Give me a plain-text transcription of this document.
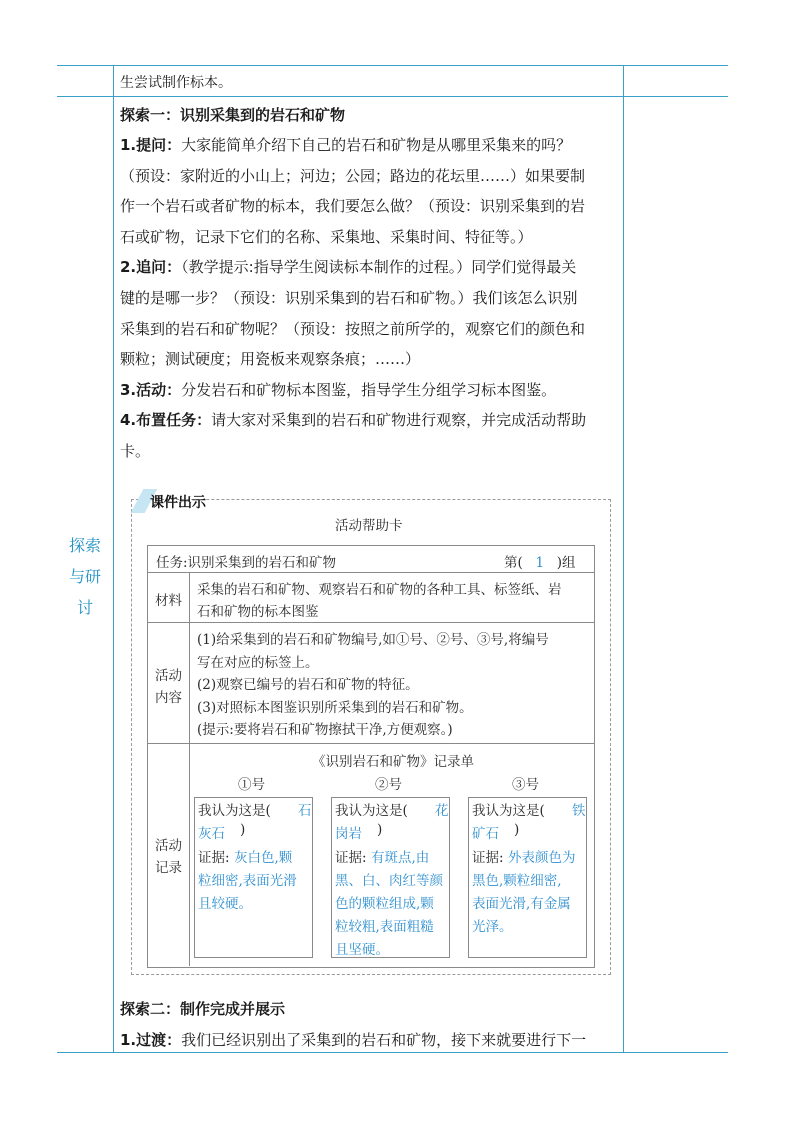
生尝试制作标本。
探索
与研
讨
探索一：识别采集到的岩石和矿物
1.提问：大家能简单介绍下自己的岩石和矿物是从哪里采集来的吗？
（预设：家附近的小山上；河边；公园；路边的花坛里……）如果要制
作一个岩石或者矿物的标本，我们要怎么做？（预设：识别采集到的岩
石或矿物，记录下它们的名称、采集地、采集时间、特征等。）
2.追问：（教学提示:指导学生阅读标本制作的过程。）同学们觉得最关
键的是哪一步？（预设：识别采集到的岩石和矿物。）我们该怎么识别
采集到的岩石和矿物呢？（预设：按照之前所学的，观察它们的颜色和
颗粒；测试硬度；用瓷板来观察条痕；……）
3.活动：分发岩石和矿物标本图鉴，指导学生分组学习标本图鉴。
4.布置任务：请大家对采集到的岩石和矿物进行观察，并完成活动帮助
卡。
课件出示
活动帮助卡
任务:识别采集到的岩石和矿物	第( 1 )组
材料
采集的岩石和矿物、观察岩石和矿物的各种工具、标签纸、岩
石和矿物的标本图鉴
活动
内容
(1)给采集到的岩石和矿物编号,如①号、②号、③号,将编号
写在对应的标签上。
(2)观察已编号的岩石和矿物的特征。
(3)对照标本图鉴识别所采集到的岩石和矿物。
(提示:要将岩石和矿物擦拭干净,方便观察。)
活动
记录
《识别岩石和矿物》记录单
①号
我认为这是( 石
灰石 )
证据: 灰白色,颗
粒细密,表面光滑
且较硬。
②号
我认为这是( 花
岗岩 )
证据: 有斑点,由
黑、白、肉红等颜
色的颗粒组成,颗
粒较粗,表面粗糙
且坚硬。
③号
我认为这是( 铁
矿石 )
证据: 外表颜色为
黑色,颗粒细密,
表面光滑,有金属
光泽。
探索二：制作完成并展示
1.过渡：我们已经识别出了采集到的岩石和矿物，接下来就要进行下一
